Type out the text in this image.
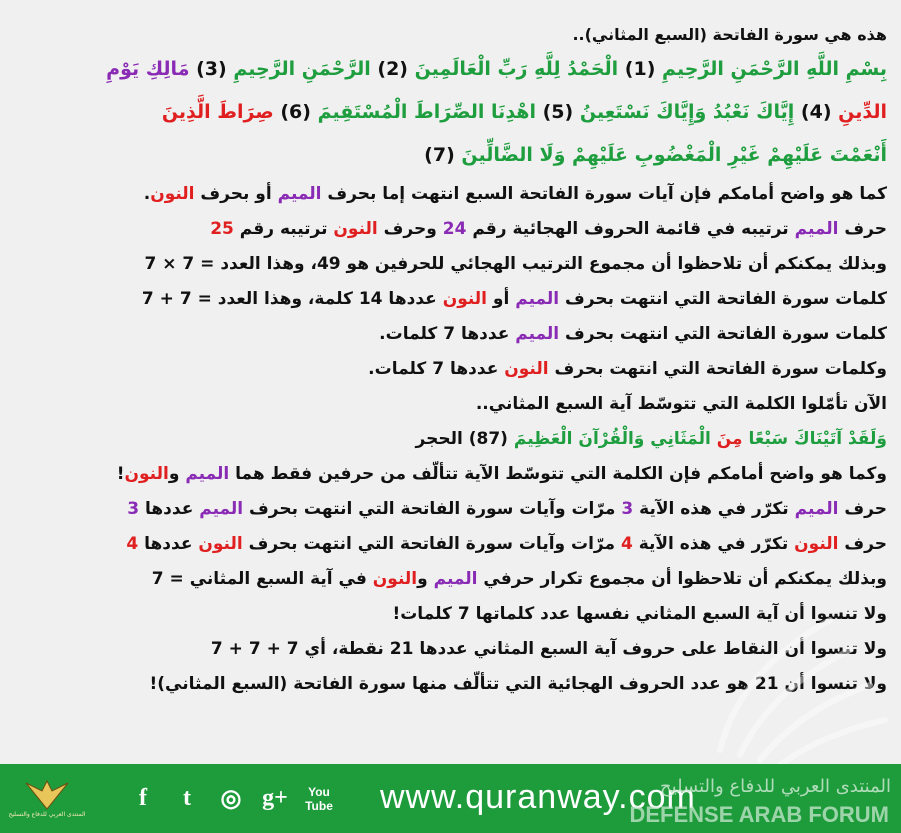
هذه هي سورة الفاتحة (السبع المثاني)..
بِسْمِ اللَّهِ الرَّحْمَنِ الرَّحِيمِ (1) الْحَمْدُ لِلَّهِ رَبِّ الْعَالَمِينَ (2) الرَّحْمَنِ الرَّحِيمِ (3) مَالِكِ يَوْمِ
الدِّينِ (4) إِيَّاكَ نَعْبُدُ وَإِيَّاكَ نَسْتَعِينُ (5) اهْدِنَا الصِّرَاطَ الْمُسْتَقِيمَ (6) صِرَاطَ الَّذِينَ
أَنْعَمْتَ عَلَيْهِمْ غَيْرِ الْمَغْضُوبِ عَلَيْهِمْ وَلَا الضَّالِّينَ (7)
كما هو واضح أمامكم فإن آيات سورة الفاتحة السبع انتهت إما بحرف الميم أو بحرف النون.
حرف الميم ترتيبه في قائمة الحروف الهجائية رقم 24 وحرف النون ترتيبه رقم 25
وبذلك يمكنكم أن تلاحظوا أن مجموع الترتيب الهجائي للحرفين هو 49، وهذا العدد = 7 × 7
كلمات سورة الفاتحة التي انتهت بحرف الميم أو النون عددها 14 كلمة، وهذا العدد = 7 + 7
كلمات سورة الفاتحة التي انتهت بحرف الميم عددها 7 كلمات.
وكلمات سورة الفاتحة التي انتهت بحرف النون عددها 7 كلمات.
الآن تأمّلوا الكلمة التي تتوسّط آية السبع المثاني..
وَلَقَدْ آتَيْنَاكَ سَبْعًا مِنَ الْمَثَانِي وَالْقُرْآنَ الْعَظِيمَ (87) الحجر
وكما هو واضح أمامكم فإن الكلمة التي تتوسّط الآية تتألّف من حرفين فقط هما الميم والنون!
حرف الميم تكرّر في هذه الآية 3 مرّات وآيات سورة الفاتحة التي انتهت بحرف الميم عددها 3
حرف النون تكرّر في هذه الآية 4 مرّات وآيات سورة الفاتحة التي انتهت بحرف النون عددها 4
وبذلك يمكنكم أن تلاحظوا أن مجموع تكرار حرفي الميم والنون في آية السبع المثاني = 7
ولا تنسوا أن آية السبع المثاني نفسها عدد كلماتها 7 كلمات!
ولا تنسوا أن النقاط على حروف آية السبع المثاني عددها 21 نقطة، أي 7 + 7 + 7
ولا تنسوا أن 21 هو عدد الحروف الهجائية التي تتألّف منها سورة الفاتحة (السبع المثاني)!
المنتدى العربي للدفاع والتسليح
f	t	◎ g+	You Tube www.quranway.com
المنتدى العربي للدفاع والتسليح
DEFENSE ARAB FORUM
